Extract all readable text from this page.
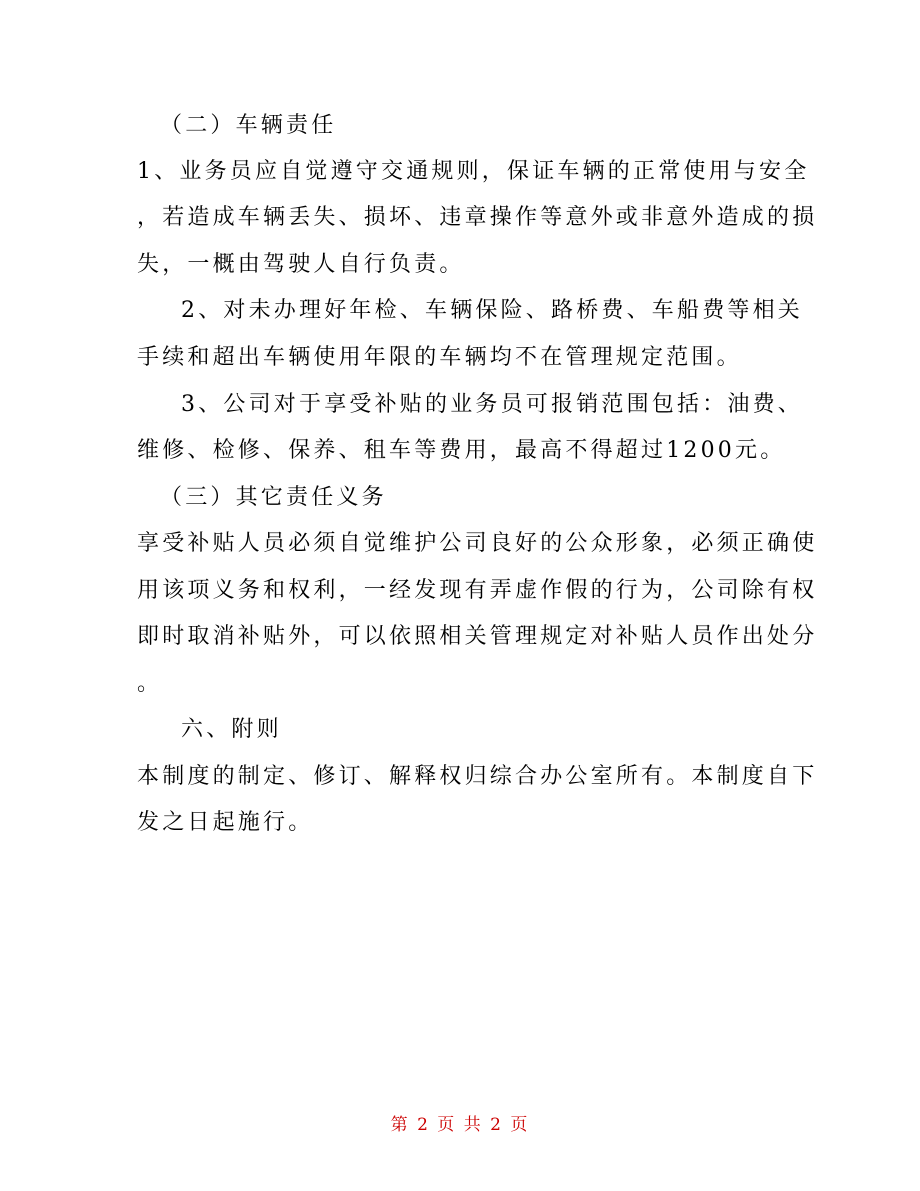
（二）车辆责任
1、业务员应自觉遵守交通规则，保证车辆的正常使用与安全
，若造成车辆丢失、损坏、违章操作等意外或非意外造成的损
失，一概由驾驶人自行负责。
2、对未办理好年检、车辆保险、路桥费、车船费等相关
手续和超出车辆使用年限的车辆均不在管理规定范围。
3、公司对于享受补贴的业务员可报销范围包括：油费、
维修、检修、保养、租车等费用，最高不得超过1200元。
（三）其它责任义务
享受补贴人员必须自觉维护公司良好的公众形象，必须正确使
用该项义务和权利，一经发现有弄虚作假的行为，公司除有权
即时取消补贴外，可以依照相关管理规定对补贴人员作出处分
。
六、附则
本制度的制定、修订、解释权归综合办公室所有。本制度自下
发之日起施行。
第 2 页 共 2 页
